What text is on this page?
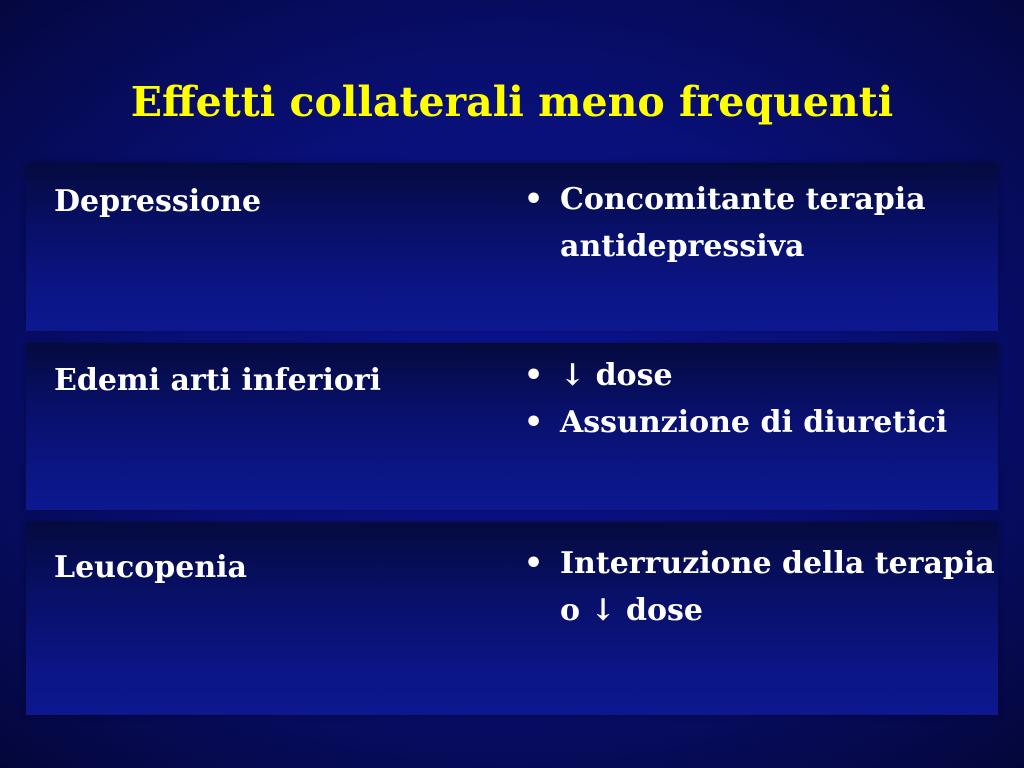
Effetti collaterali meno frequenti
Depressione	• Concomitante terapia antidepressiva
Edemi arti inferiori	• ↓ dose
• Assunzione di diuretici
Leucopenia	• Interruzione della terapia o ↓ dose
